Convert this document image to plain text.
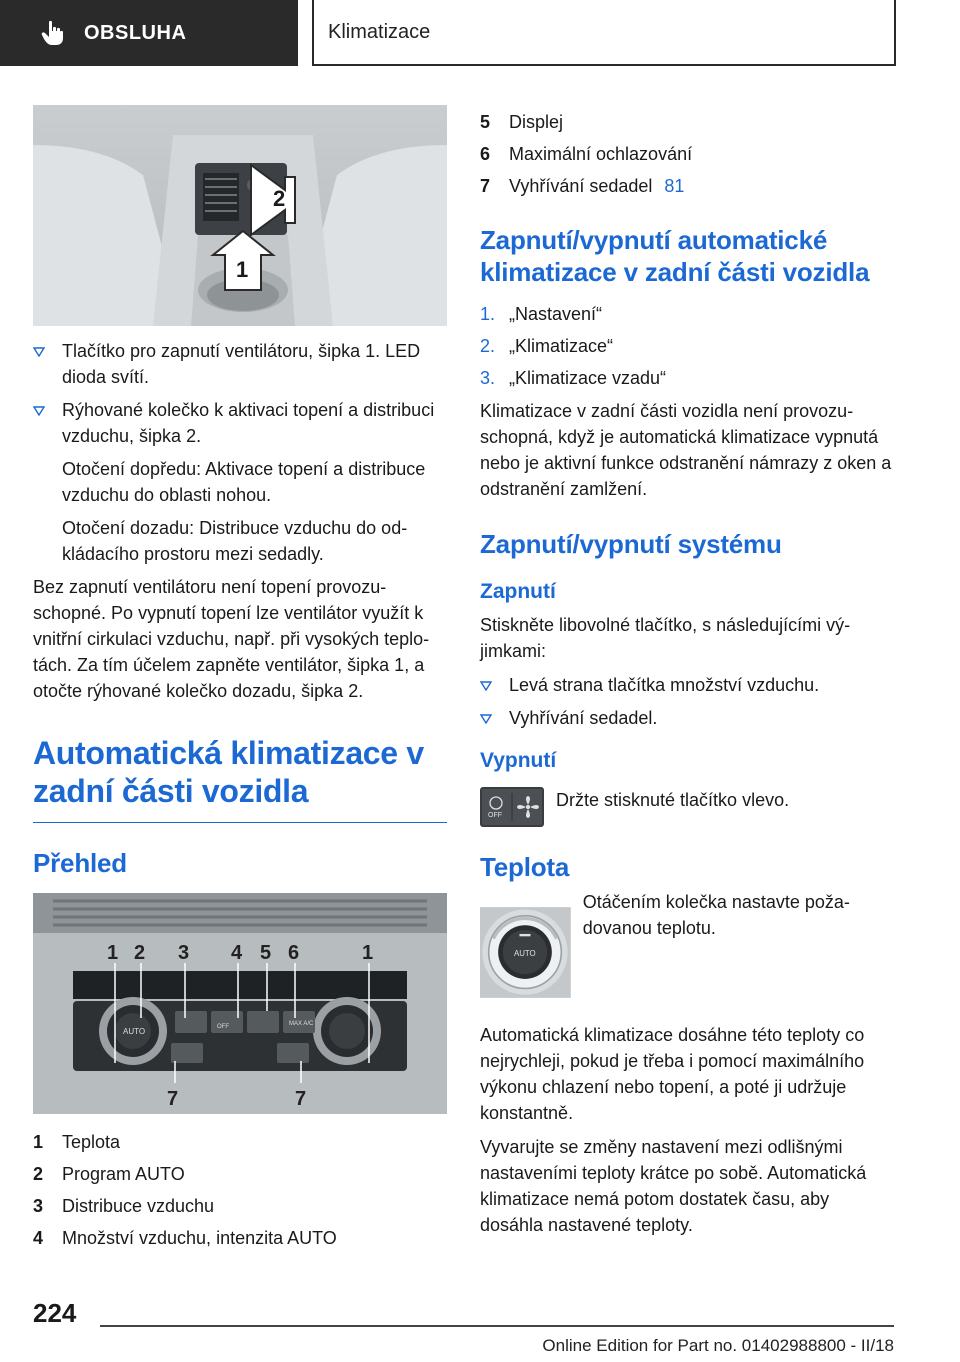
OBSLUHA	Klimatizace
2
1
Tlačítko pro zapnutí ventilátoru, šipka 1. LED dioda svítí.
Rýhované kolečko k aktivaci topení a distribuci vzduchu, šipka 2.

Otočení dopředu: Aktivace topení a distribuce vzduchu do oblasti nohou.

Otočení dozadu: Distribuce vzduchu do odkládacího prostoru mezi sedadly.

Bez zapnutí ventilátoru není topení provozuschopné. Po vypnutí topení lze ventilátor využít k vnitřní cirkulaci vzduchu, např. při vysokých teplotách. Za tím účelem zapněte ventilátor, šipka 1, a otočte rýhované kolečko dozadu, šipka 2.

Automatická klimatizace v zadní části vozidla
Přehled
AUTO	OFF	MAX A/C
1 2 3 4 5 6	1
7	7
1	Teplota
2	Program AUTO
3	Distribuce vzduchu
4	Množství vzduchu, intenzita AUTO
5	Displej
6	Maximální ochlazování
7	Vyhřívání sedadel 81
Zapnutí/vypnutí automatické klimatizace v zadní části vozidla
1. „Nastavení“
2. „Klimatizace“
3. „Klimatizace vzadu“

Klimatizace v zadní části vozidla není provozuschopná, když je automatická klimatizace vypnutá nebo je aktivní funkce odstranění námrazy z oken a odstranění zamlžení.

Zapnutí/vypnutí systému
Zapnutí

Stiskněte libovolné tlačítko, s následujícími výjimkami:

Levá strana tlačítka množství vzduchu.
Vyhřívání sedadel.
Vypnutí
OFF
Držte stisknuté tlačítko vlevo.
Teplota
AUTO
Otáčením kolečka nastavte požadovanou teplotu.

Automatická klimatizace dosáhne této teploty co nejrychleji, pokud je třeba i pomocí maximálního výkonu chlazení nebo topení, a poté ji udržuje konstantně.

Vyvarujte se změny nastavení mezi odlišnými nastaveními teploty krátce po sobě. Automatická klimatizace nemá potom dostatek času, aby dosáhla nastavené teploty.

224
Online Edition for Part no. 01402988800 - II/18
